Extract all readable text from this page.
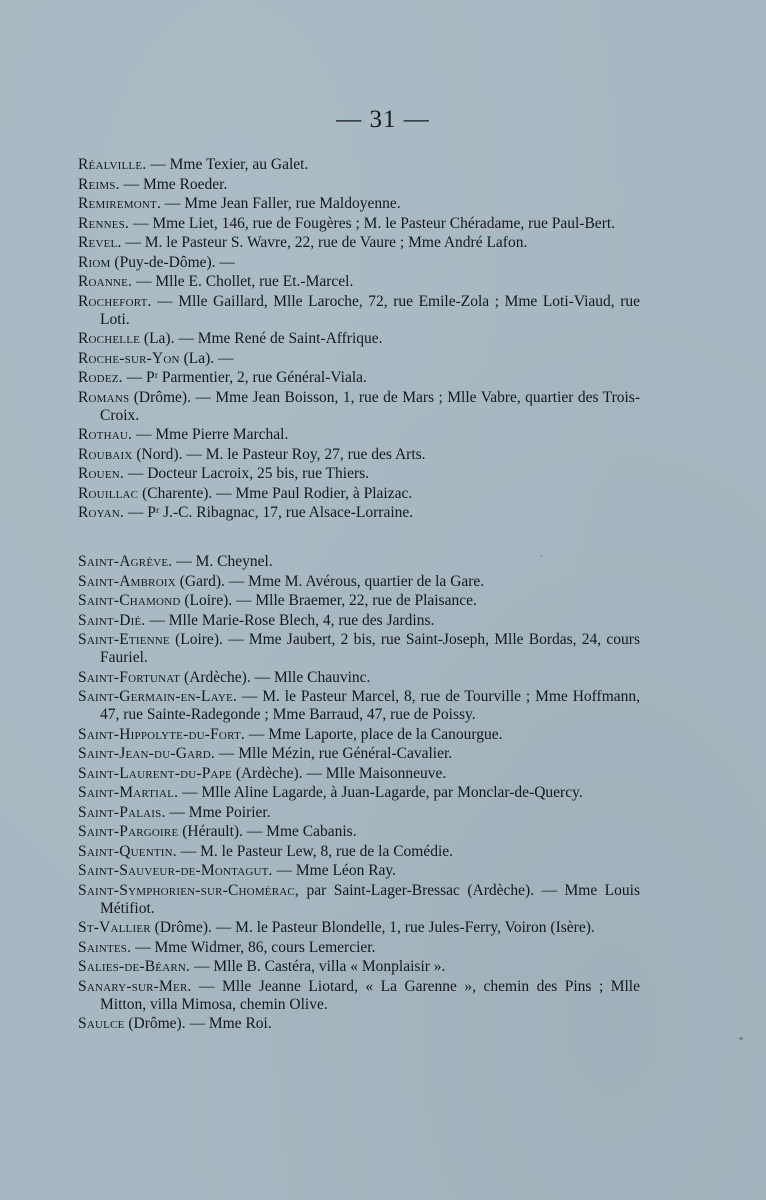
— 31 —
Réalville. — Mme Texier, au Galet.
Reims. — Mme Roeder.
Remiremont. — Mme Jean Faller, rue Maldoyenne.
Rennes. — Mme Liet, 146, rue de Fougères ; M. le Pasteur Chéradame, rue Paul-Bert.
Revel. — M. le Pasteur S. Wavre, 22, rue de Vaure ; Mme André Lafon.
Riom (Puy-de-Dôme). —
Roanne. — Mlle E. Chollet, rue Et.-Marcel.
Rochefort. — Mlle Gaillard, Mlle Laroche, 72, rue Emile-Zola ; Mme Loti-Viaud, rue Loti.
Rochelle (La). — Mme René de Saint-Affrique.
Roche-sur-Yon (La). —
Rodez. — Pʳ Parmentier, 2, rue Général-Viala.
Romans (Drôme). — Mme Jean Boisson, 1, rue de Mars ; Mlle Vabre, quartier des Trois-Croix.
Rothau. — Mme Pierre Marchal.
Roubaix (Nord). — M. le Pasteur Roy, 27, rue des Arts.
Rouen. — Docteur Lacroix, 25 bis, rue Thiers.
Rouillac (Charente). — Mme Paul Rodier, à Plaizac.
Royan. — Pʳ J.-C. Ribagnac, 17, rue Alsace-Lorraine.
Saint-Agrève. — M. Cheynel.
Saint-Ambroix (Gard). — Mme M. Avérous, quartier de la Gare.
Saint-Chamond (Loire). — Mlle Braemer, 22, rue de Plaisance.
Saint-Dié. — Mlle Marie-Rose Blech, 4, rue des Jardins.
Saint-Etienne (Loire). — Mme Jaubert, 2 bis, rue Saint-Joseph, Mlle Bordas, 24, cours Fauriel.
Saint-Fortunat (Ardèche). — Mlle Chauvinc.
Saint-Germain-en-Laye. — M. le Pasteur Marcel, 8, rue de Tourville ; Mme Hoffmann, 47, rue Sainte-Radegonde ; Mme Barraud, 47, rue de Poissy.
Saint-Hippolyte-du-Fort. — Mme Laporte, place de la Canourgue.
Saint-Jean-du-Gard. — Mlle Mézin, rue Général-Cavalier.
Saint-Laurent-du-Pape (Ardèche). — Mlle Maisonneuve.
Saint-Martial. — Mlle Aline Lagarde, à Juan-Lagarde, par Monclar-de-Quercy.
Saint-Palais. — Mme Poirier.
Saint-Pargoire (Hérault). — Mme Cabanis.
Saint-Quentin. — M. le Pasteur Lew, 8, rue de la Comédie.
Saint-Sauveur-de-Montagut. — Mme Léon Ray.
Saint-Symphorien-sur-Chomérac, par Saint-Lager-Bressac (Ardèche). — Mme Louis Métifiot.
St-Vallier (Drôme). — M. le Pasteur Blondelle, 1, rue Jules-Ferry, Voiron (Isère).
Saintes. — Mme Widmer, 86, cours Lemercier.
Salies-de-Béarn. — Mlle B. Castéra, villa « Monplaisir ».
Sanary-sur-Mer. — Mlle Jeanne Liotard, « La Garenne », chemin des Pins ; Mlle Mitton, villa Mimosa, chemin Olive.
Saulce (Drôme). — Mme Roi.
